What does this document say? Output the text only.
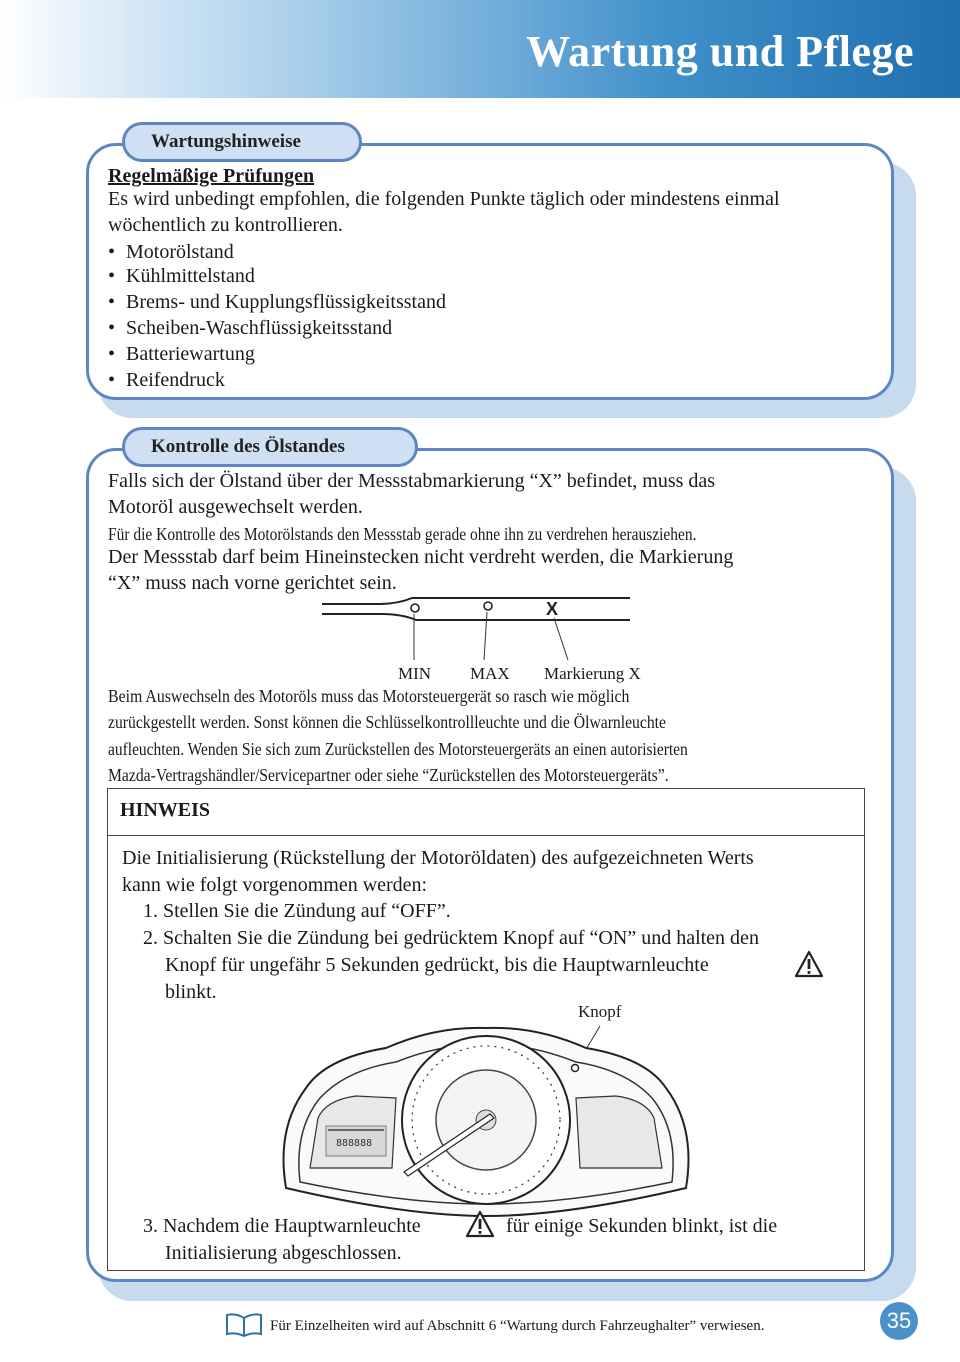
Wartung und Pflege
Wartungshinweise
Regelmäßige Prüfungen
Es wird unbedingt empfohlen, die folgenden Punkte täglich oder mindestens einmal
wöchentlich zu kontrollieren.
• Motorölstand
• Kühlmittelstand
• Brems- und Kupplungsflüssigkeitsstand
• Scheiben-Waschflüssigkeitsstand
• Batteriewartung
• Reifendruck
Kontrolle des Ölstandes
Falls sich der Ölstand über der Messstabmarkierung “X” befindet, muss das
Motoröl ausgewechselt werden.
Für die Kontrolle des Motorölstands den Messstab gerade ohne ihn zu verdrehen herausziehen.
Der Messstab darf beim Hineinstecken nicht verdreht werden, die Markierung
“X” muss nach vorne gerichtet sein.
X
MIN MAX Markierung X
Beim Auswechseln des Motoröls muss das Motorsteuergerät so rasch wie möglich
zurückgestellt werden. Sonst können die Schlüsselkontrollleuchte und die Ölwarnleuchte
aufleuchten. Wenden Sie sich zum Zurückstellen des Motorsteuergeräts an einen autorisierten
Mazda-Vertragshändler/Servicepartner oder siehe “Zurückstellen des Motorsteuergeräts”.
HINWEIS
Die Initialisierung (Rückstellung der Motoröldaten) des aufgezeichneten Werts
kann wie folgt vorgenommen werden:
1. Stellen Sie die Zündung auf “OFF”.
2. Schalten Sie die Zündung bei gedrücktem Knopf auf “ON” und halten den
Knopf für ungefähr 5 Sekunden gedrückt, bis die Hauptwarnleuchte
blinkt.
Knopf
888888
3. Nachdem die Hauptwarnleuchte	für einige Sekunden blinkt, ist die
Initialisierung abgeschlossen.
Für Einzelheiten wird auf Abschnitt 6 “Wartung durch Fahrzeughalter” verwiesen.	35
